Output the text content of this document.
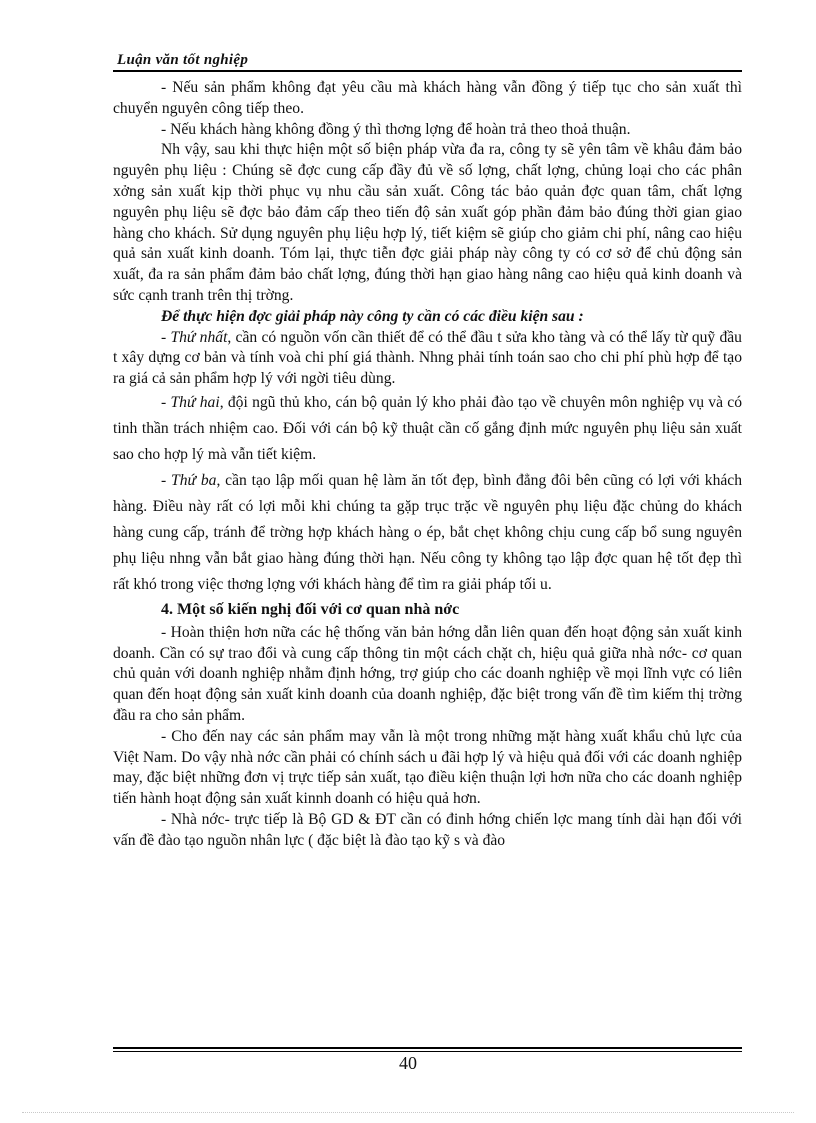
Luận văn tốt nghiệp

- Nếu sản phẩm không đạt yêu cầu mà khách hàng vẫn đồng ý tiếp tục cho sản xuất thì chuyển nguyên công tiếp theo.

- Nếu khách hàng không đồng ý thì thơng lợng để hoàn trả theo thoả thuận.

Nh vậy, sau khi thực hiện một số biện pháp vừa đa ra, công ty sẽ yên tâm về khâu đảm bảo nguyên phụ liệu : Chúng sẽ đợc cung cấp đầy đủ về số lợng, chất lợng, chủng loại cho các phân xởng sản xuất kịp thời phục vụ nhu cầu sản xuất. Công tác bảo quản đợc quan tâm, chất lợng nguyên phụ liệu sẽ đợc bảo đảm cấp theo tiến độ sản xuất góp phần đảm bảo đúng thời gian giao hàng cho khách. Sử dụng nguyên phụ liệu hợp lý, tiết kiệm sẽ giúp cho giảm chi phí, nâng cao hiệu quả sản xuất kinh doanh. Tóm lại, thực tiễn đợc giải pháp này công ty có cơ sở để chủ động sản xuất, đa ra sản phẩm đảm bảo chất lợng, đúng thời hạn giao hàng nâng cao hiệu quả kinh doanh và sức cạnh tranh trên thị trờng.

Để thực hiện đợc giải pháp này công ty cần có các điều kiện sau :

- Thứ nhất, cần có nguồn vốn cần thiết để có thể đầu t sửa kho tàng và có thể lấy từ quỹ đầu t xây dựng cơ bản và tính voà chi phí giá thành. Nhng phải tính toán sao cho chi phí phù hợp để tạo ra giá cả sản phẩm hợp lý với ngời tiêu dùng.

- Thứ hai, đội ngũ thủ kho, cán bộ quản lý kho phải đào tạo về chuyên môn nghiệp vụ và có tinh thần trách nhiệm cao. Đối với cán bộ kỹ thuật cần cố gắng định mức nguyên phụ liệu sản xuất sao cho hợp lý mà vẫn tiết kiệm.

- Thứ ba, cần tạo lập mối quan hệ làm ăn tốt đẹp, bình đẳng đôi bên cũng có lợi với khách hàng. Điều này rất có lợi mỗi khi chúng ta gặp trục trặc về nguyên phụ liệu đặc chủng do khách hàng cung cấp, tránh để trờng hợp khách hàng o ép, bắt chẹt không chịu cung cấp bổ sung nguyên phụ liệu nhng vẫn bắt giao hàng đúng thời hạn. Nếu công ty không tạo lập đợc quan hệ tốt đẹp thì rất khó trong việc thơng lợng với khách hàng để tìm ra giải pháp tối u.

4. Một số kiến nghị đối với cơ quan nhà nớc

- Hoàn thiện hơn nữa các hệ thống văn bản hớng dẫn liên quan đến hoạt động sản xuất kinh doanh. Cần có sự trao đổi và cung cấp thông tin một cách chặt ch, hiệu quả giữa nhà nớc- cơ quan chủ quản với doanh nghiệp nhằm định hớng, trợ giúp cho các doanh nghiệp về mọi lĩnh vực có liên quan đến hoạt động sản xuất kinh doanh của doanh nghiệp, đặc biệt trong vấn đề tìm kiếm thị trờng đầu ra cho sản phẩm.

- Cho đến nay các sản phẩm may vẫn là một trong những mặt hàng xuất khẩu chủ lực của Việt Nam. Do vậy nhà nớc cần phải có chính sách u đãi hợp lý và hiệu quả đối với các doanh nghiệp may, đặc biệt những đơn vị trực tiếp sản xuất, tạo điều kiện thuận lợi hơn nữa cho các doanh nghiệp tiến hành hoạt động sản xuất kinnh doanh có hiệu quả hơn.

- Nhà nớc- trực tiếp là Bộ GD & ĐT cần có đinh hớng chiến lợc mang tính dài hạn đối với vấn đề đào tạo nguồn nhân lực ( đặc biệt là đào tạo kỹ s và đào

40
